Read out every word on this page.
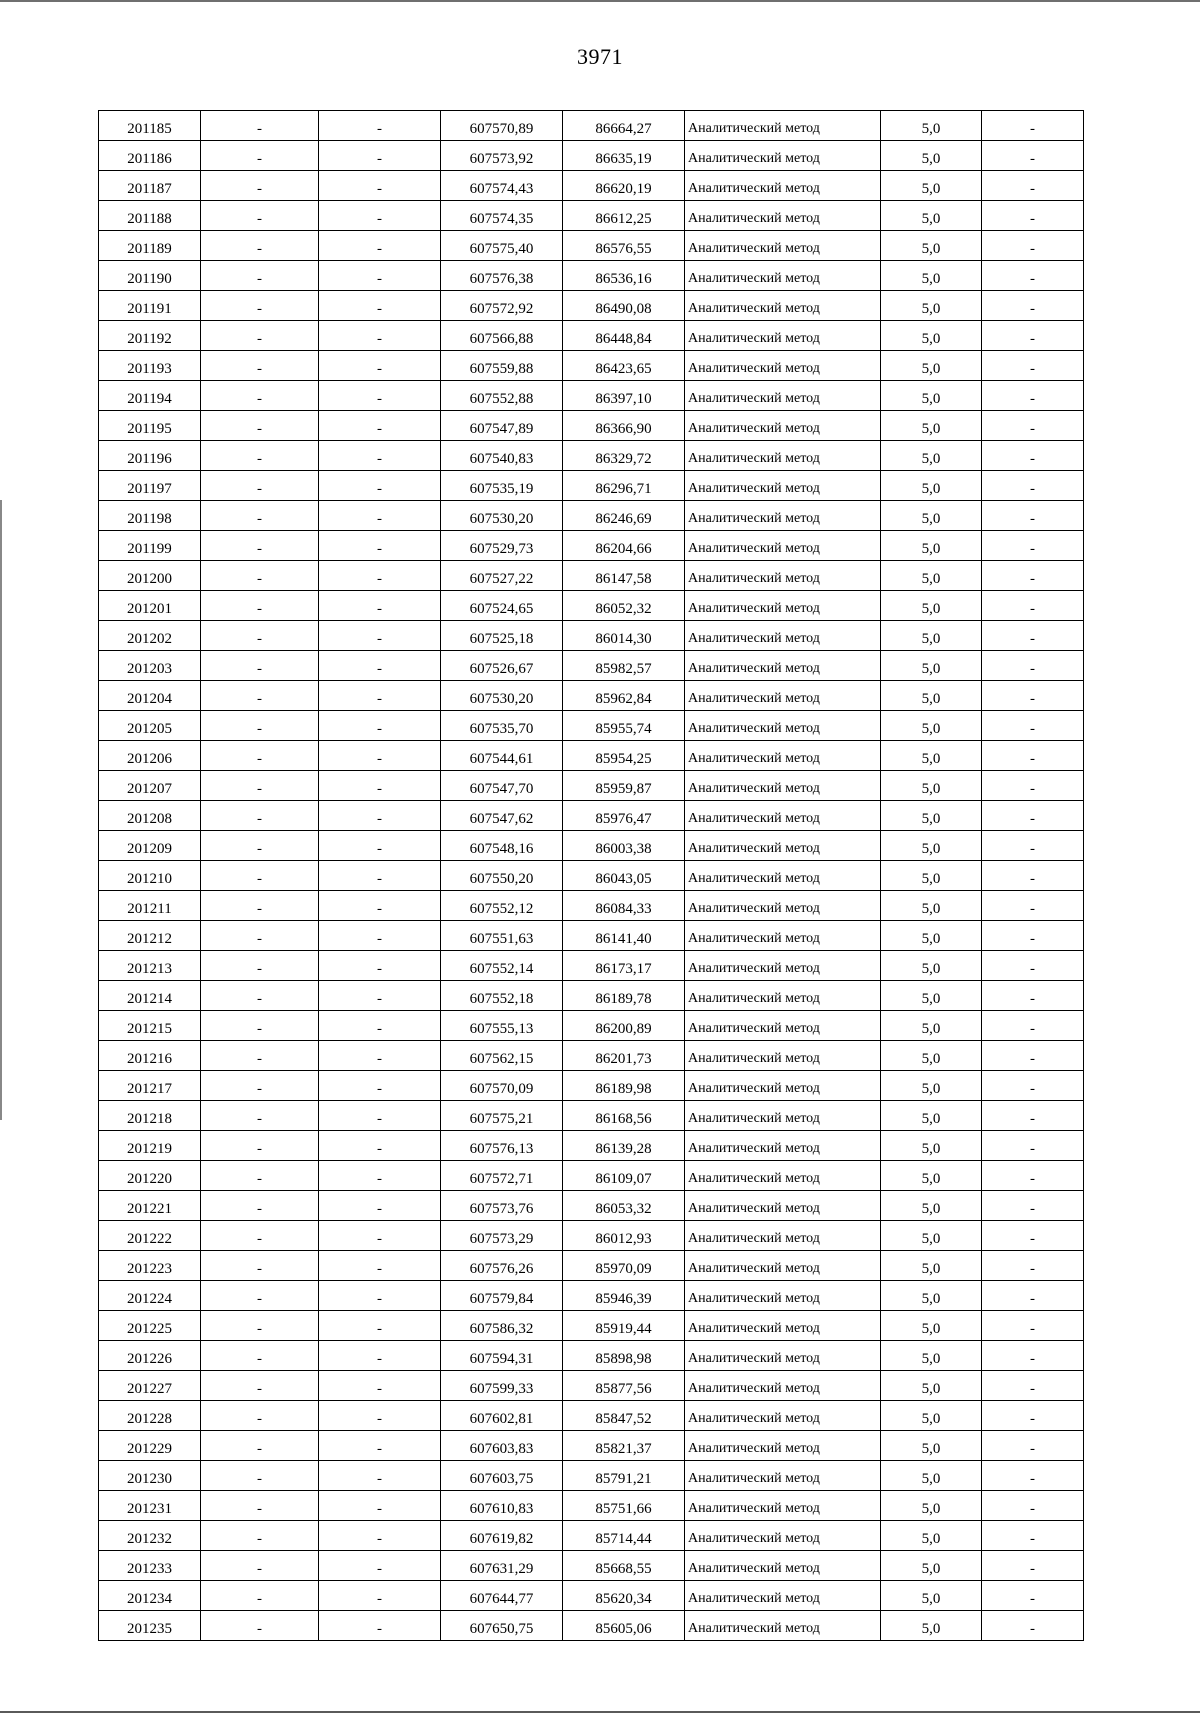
3971
201185	-	-	607570,89	86664,27	Аналитический метод	5,0	-
201186	-	-	607573,92	86635,19	Аналитический метод	5,0	-
201187	-	-	607574,43	86620,19	Аналитический метод	5,0	-
201188	-	-	607574,35	86612,25	Аналитический метод	5,0	-
201189	-	-	607575,40	86576,55	Аналитический метод	5,0	-
201190	-	-	607576,38	86536,16	Аналитический метод	5,0	-
201191	-	-	607572,92	86490,08	Аналитический метод	5,0	-
201192	-	-	607566,88	86448,84	Аналитический метод	5,0	-
201193	-	-	607559,88	86423,65	Аналитический метод	5,0	-
201194	-	-	607552,88	86397,10	Аналитический метод	5,0	-
201195	-	-	607547,89	86366,90	Аналитический метод	5,0	-
201196	-	-	607540,83	86329,72	Аналитический метод	5,0	-
201197	-	-	607535,19	86296,71	Аналитический метод	5,0	-
201198	-	-	607530,20	86246,69	Аналитический метод	5,0	-
201199	-	-	607529,73	86204,66	Аналитический метод	5,0	-
201200	-	-	607527,22	86147,58	Аналитический метод	5,0	-
201201	-	-	607524,65	86052,32	Аналитический метод	5,0	-
201202	-	-	607525,18	86014,30	Аналитический метод	5,0	-
201203	-	-	607526,67	85982,57	Аналитический метод	5,0	-
201204	-	-	607530,20	85962,84	Аналитический метод	5,0	-
201205	-	-	607535,70	85955,74	Аналитический метод	5,0	-
201206	-	-	607544,61	85954,25	Аналитический метод	5,0	-
201207	-	-	607547,70	85959,87	Аналитический метод	5,0	-
201208	-	-	607547,62	85976,47	Аналитический метод	5,0	-
201209	-	-	607548,16	86003,38	Аналитический метод	5,0	-
201210	-	-	607550,20	86043,05	Аналитический метод	5,0	-
201211	-	-	607552,12	86084,33	Аналитический метод	5,0	-
201212	-	-	607551,63	86141,40	Аналитический метод	5,0	-
201213	-	-	607552,14	86173,17	Аналитический метод	5,0	-
201214	-	-	607552,18	86189,78	Аналитический метод	5,0	-
201215	-	-	607555,13	86200,89	Аналитический метод	5,0	-
201216	-	-	607562,15	86201,73	Аналитический метод	5,0	-
201217	-	-	607570,09	86189,98	Аналитический метод	5,0	-
201218	-	-	607575,21	86168,56	Аналитический метод	5,0	-
201219	-	-	607576,13	86139,28	Аналитический метод	5,0	-
201220	-	-	607572,71	86109,07	Аналитический метод	5,0	-
201221	-	-	607573,76	86053,32	Аналитический метод	5,0	-
201222	-	-	607573,29	86012,93	Аналитический метод	5,0	-
201223	-	-	607576,26	85970,09	Аналитический метод	5,0	-
201224	-	-	607579,84	85946,39	Аналитический метод	5,0	-
201225	-	-	607586,32	85919,44	Аналитический метод	5,0	-
201226	-	-	607594,31	85898,98	Аналитический метод	5,0	-
201227	-	-	607599,33	85877,56	Аналитический метод	5,0	-
201228	-	-	607602,81	85847,52	Аналитический метод	5,0	-
201229	-	-	607603,83	85821,37	Аналитический метод	5,0	-
201230	-	-	607603,75	85791,21	Аналитический метод	5,0	-
201231	-	-	607610,83	85751,66	Аналитический метод	5,0	-
201232	-	-	607619,82	85714,44	Аналитический метод	5,0	-
201233	-	-	607631,29	85668,55	Аналитический метод	5,0	-
201234	-	-	607644,77	85620,34	Аналитический метод	5,0	-
201235	-	-	607650,75	85605,06	Аналитический метод	5,0	-
